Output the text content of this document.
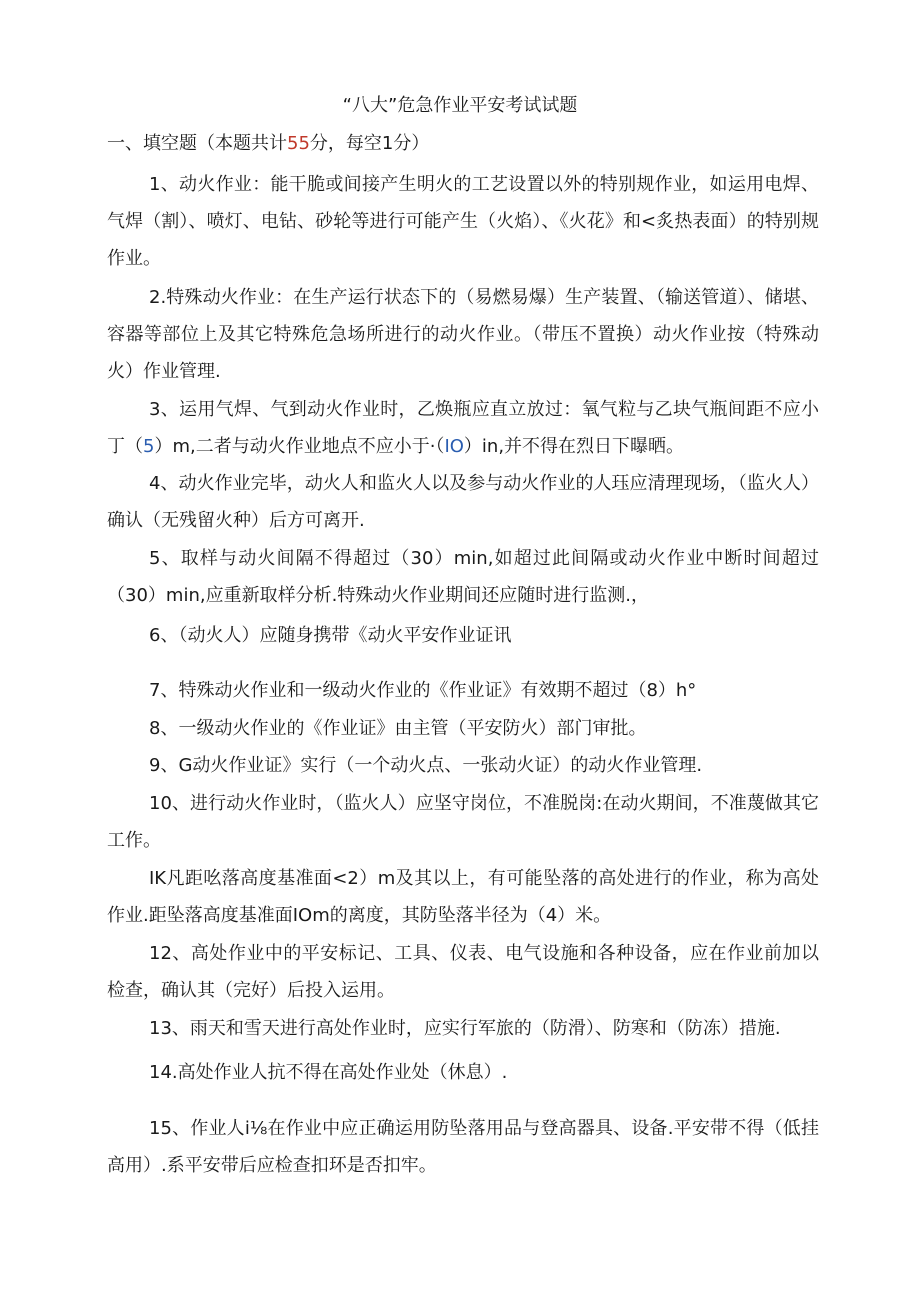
“八大”危急作业平安考试试题
一、填空题（本题共计55分，每空1分）

1、动火作业：能干脆或间接产生明火的工艺设置以外的特别规作业，如运用电焊、气焊（割）、喷灯、电钻、砂轮等进行可能产生（火焰）、《火花》和<炙热表面）的特别规作业。

2.特殊动火作业：在生产运行状态下的（易燃易爆）生产装置、（输送管道）、储堪、容器等部位上及其它特殊危急场所进行的动火作业。（带压不置换）动火作业按（特殊动火）作业管理.

3、运用气焊、气到动火作业时，乙焕瓶应直立放过：氧气粒与乙块气瓶间距不应小丁（5）m,二者与动火作业地点不应小于·（IO）in,并不得在烈日下曝晒。

4、动火作业完毕，动火人和监火人以及参与动火作业的人珏应清理现场，（监火人）确认（无残留火种）后方可离开.

5、取样与动火间隔不得超过（30）min,如超过此间隔或动火作业中断时间超过（30）min,应重新取样分析.特殊动火作业期间还应随时进行监测.，

6、（动火人）应随身携带《动火平安作业证讯

7、特殊动火作业和一级动火作业的《作业证》有效期不超过（8）h°

8、一级动火作业的《作业证》由主管（平安防火）部门审批。

9、G动火作业证》实行（一个动火点、一张动火证）的动火作业管理.

10、进行动火作业时，（监火人）应坚守岗位，不准脱岗:在动火期间，不准蔑做其它工作。

IK凡距吆落高度基准面<2）m及其以上，有可能坠落的高处进行的作业，称为高处作业.距坠落高度基准面IOm的离度，其防坠落半径为（4）米。

12、高处作业中的平安标记、工具、仪表、电气设施和各种设备，应在作业前加以检查，确认其（完好）后投入运用。

13、雨天和雪天进行高处作业时，应实行军旅的（防滑）、防寒和（防冻）措施.

14.高处作业人抗不得在高处作业处（休息）.

15、作业人i⅛在作业中应正确运用防坠落用品与登高器具、设备.平安带不得（低挂高用）.系平安带后应检查扣环是否扣牢。
